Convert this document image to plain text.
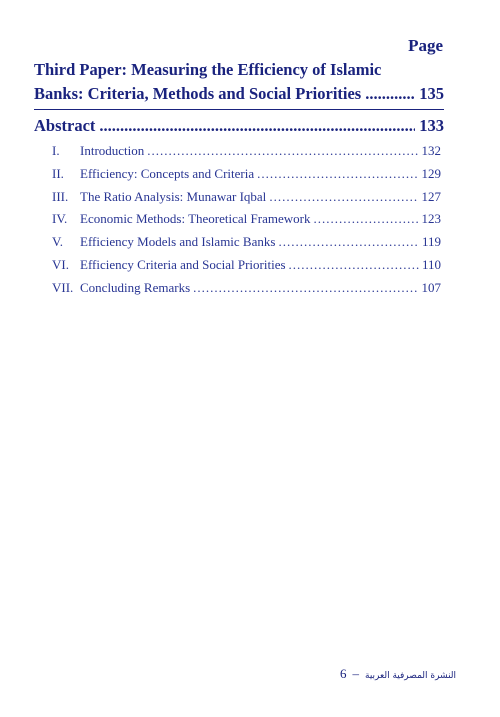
Page
Third Paper: Measuring the Efficiency of Islamic
Banks: Criteria, Methods and Social Priorities .....	135
Abstract .....	133
I.	Introduction .....	132
II.	Efficiency: Concepts and Criteria .....	129
III. The Ratio Analysis: Munawar Iqbal .....	127
IV. Economic Methods: Theoretical Framework .....	123
V.	Efficiency Models and Islamic Banks .....	119
VI. Efficiency Criteria and Social Priorities .....	110
VII. Concluding Remarks .....	107
6 – النشرة المصرفية العربية
